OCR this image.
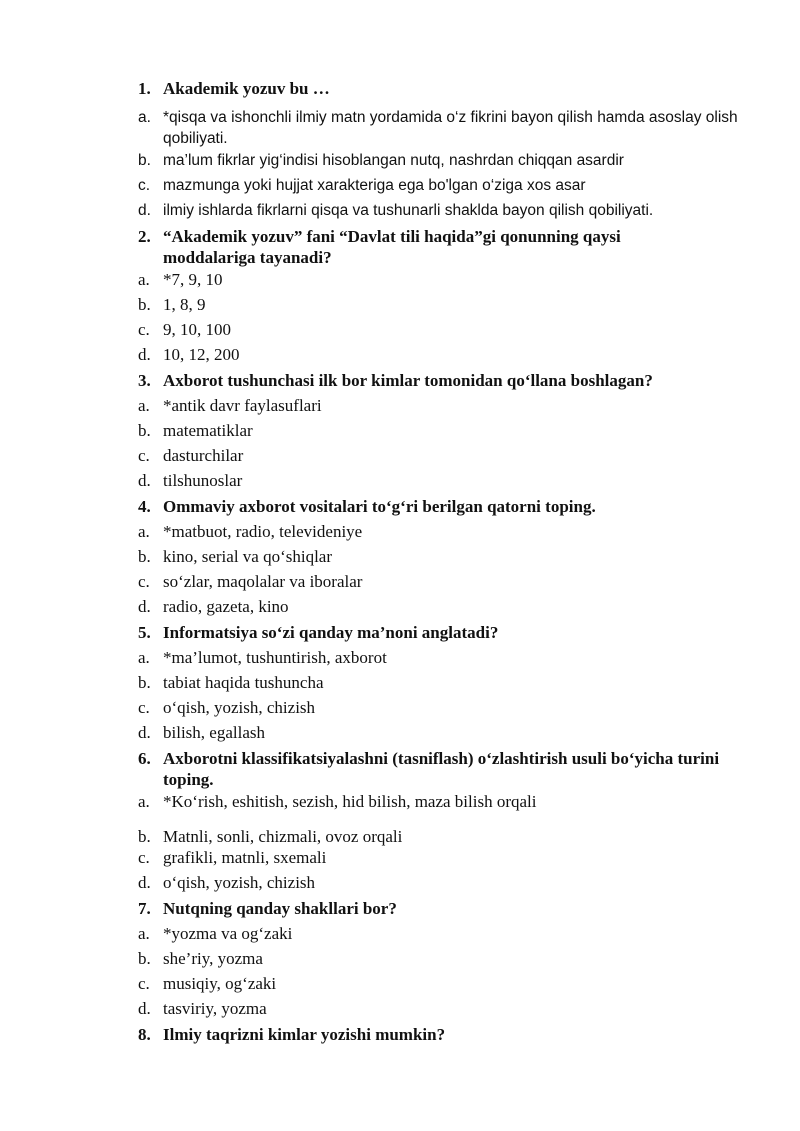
1. Akademik yozuv bu …
a. *qisqa va ishonchli ilmiy matn yordamida o‘z fikrini bayon qilish hamda asoslay olish qobiliyati.
b. ma’lum fikrlar yig‘indisi hisoblangan nutq, nashrdan chiqqan asardir
c. mazmunga yoki hujjat xarakteriga ega bo'lgan o‘ziga xos asar
d. ilmiy ishlarda fikrlarni qisqa va tushunarli shaklda bayon qilish qobiliyati.
2. “Akademik yozuv” fani “Davlat tili haqida”gi qonunning qaysi moddalariga tayanadi?
a. *7, 9, 10
b. 1, 8, 9
c. 9, 10, 100
d. 10, 12, 200
3. Axborot tushunchasi ilk bor kimlar tomonidan qo‘llana boshlagan?
a. *antik davr faylasuflari
b. matematiklar
c. dasturchilar
d. tilshunoslar
4. Ommaviy axborot vositalari to‘g‘ri berilgan qatorni toping.
a. *matbuot, radio, televideniye
b. kino, serial va qo‘shiqlar
c. so‘zlar, maqolalar va iboralar
d. radio, gazeta, kino
5. Informatsiya so‘zi qanday ma’noni anglatadi?
a. *ma’lumot, tushuntirish, axborot
b. tabiat haqida tushuncha
c. o‘qish, yozish, chizish
d. bilish, egallash
6. Axborotni klassifikatsiyalashni (tasniflash) o‘zlashtirish usuli bo‘yicha turini toping.
a. *Ko‘rish, eshitish, sezish, hid bilish, maza bilish orqali
b. Matnli, sonli, chizmali, ovoz orqali
c. grafikli, matnli, sxemali
d. o‘qish, yozish, chizish
7. Nutqning qanday shakllari bor?
a. *yozma va og‘zaki
b. she’riy, yozma
c. musiqiy, og‘zaki
d. tasviriy, yozma
8. Ilmiy taqrizni kimlar yozishi mumkin?
